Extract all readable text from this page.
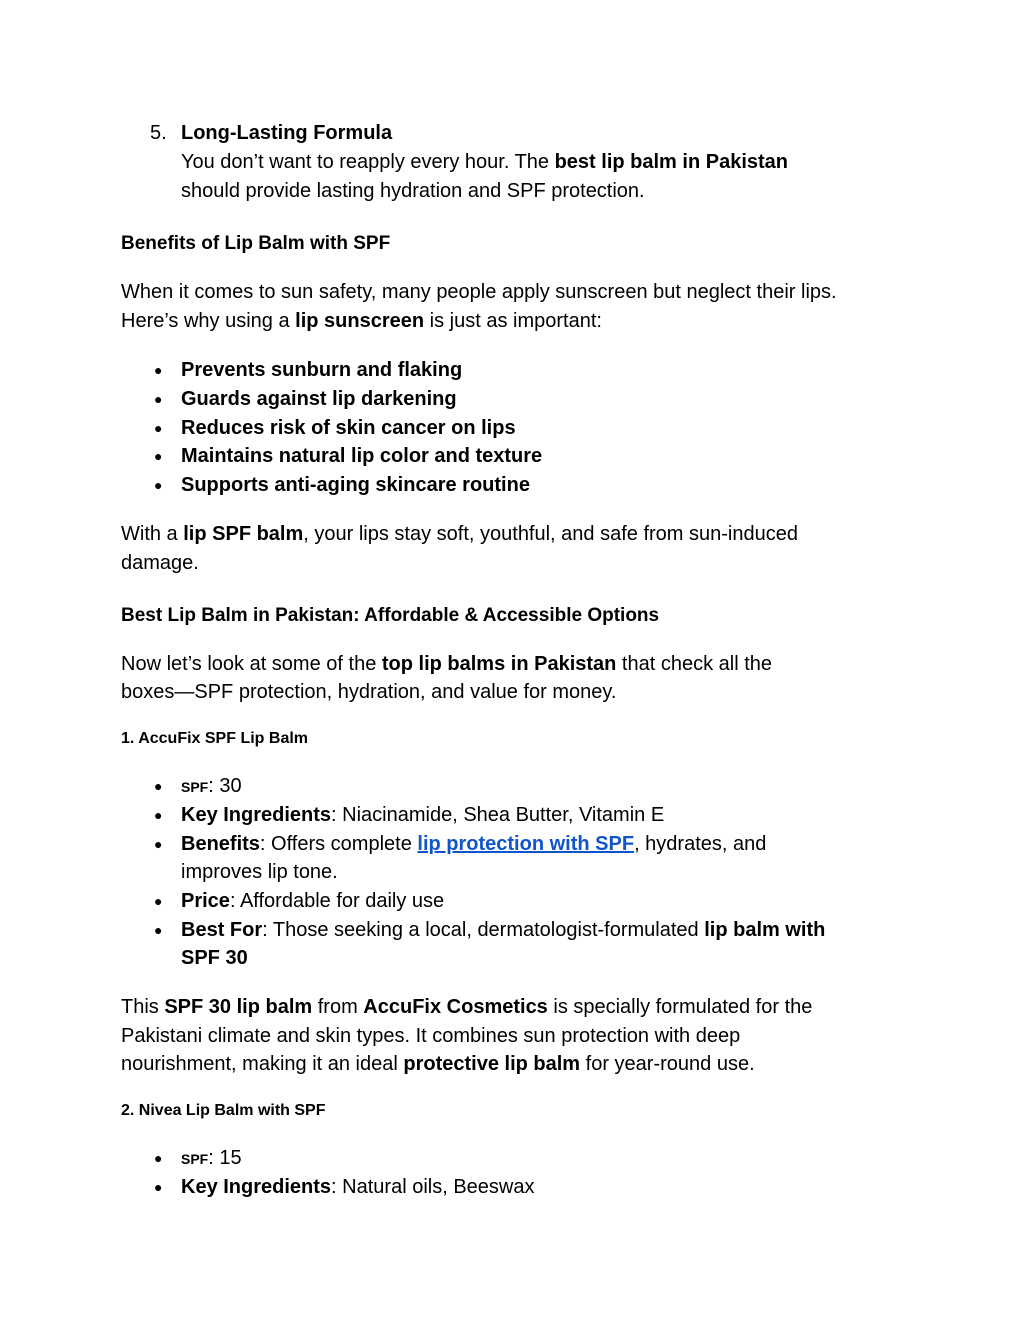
5. Long-Lasting Formula
You don’t want to reapply every hour. The best lip balm in Pakistan
should provide lasting hydration and SPF protection.
Benefits of Lip Balm with SPF
When it comes to sun safety, many people apply sunscreen but neglect their lips.
Here’s why using a lip sunscreen is just as important:
● Prevents sunburn and flaking
● Guards against lip darkening
● Reduces risk of skin cancer on lips
● Maintains natural lip color and texture
● Supports anti-aging skincare routine
With a lip SPF balm, your lips stay soft, youthful, and safe from sun-induced
damage.
Best Lip Balm in Pakistan: Affordable & Accessible Options
Now let’s look at some of the top lip balms in Pakistan that check all the
boxes—SPF protection, hydration, and value for money.
1. AccuFix SPF Lip Balm
● SPF: 30
● Key Ingredients: Niacinamide, Shea Butter, Vitamin E
● Benefits: Offers complete lip protection with SPF, hydrates, and
improves lip tone.
● Price: Affordable for daily use
● Best For: Those seeking a local, dermatologist-formulated lip balm with
SPF 30
This SPF 30 lip balm from AccuFix Cosmetics is specially formulated for the
Pakistani climate and skin types. It combines sun protection with deep
nourishment, making it an ideal protective lip balm for year-round use.
2. Nivea Lip Balm with SPF
● SPF: 15
● Key Ingredients: Natural oils, Beeswax
